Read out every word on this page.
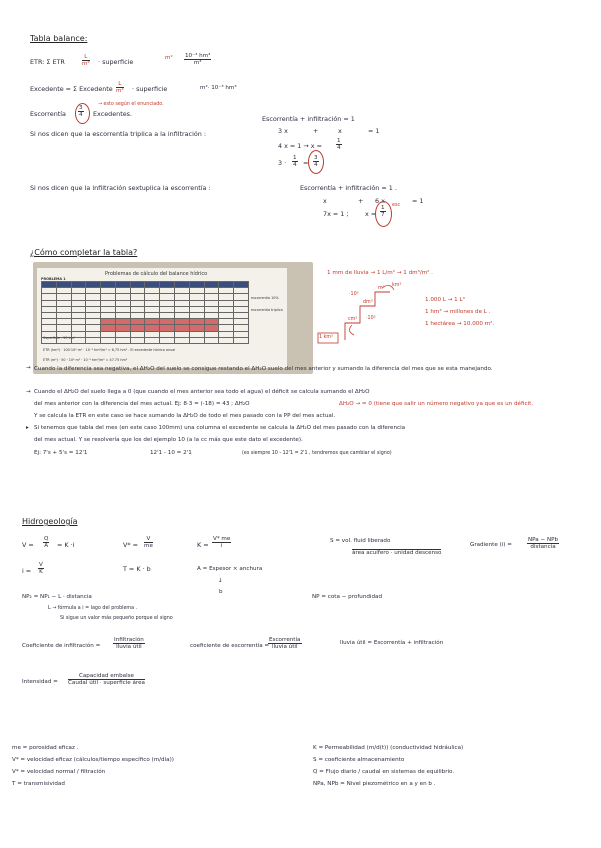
Tabla balance:
ETR: Σ ETR	$\frac{L}{\text{m²}}$ · superficie	$m^2 \frac{\text{10⁻³ hm³}}{\text{m³}}$
Excedente = Σ Excedente $\frac{L}{\text{m²}}$ · superficie	m²· 10⁻³ hm³
Escorrentía $\frac{3}{4}$ Excedentes.
→ esto según el enunciado.
Si nos dicen que la escorrentía triplica a la infiltración :
Escorrentía + infiltración = 1
3 x	+	x	= 1
4 x = 1 → x =	$\frac{1}{4}$
$3 \cdot \frac{1}{4} = \frac{3}{4}$
Si nos dicen que la infiltración sextuplica la escorrentía :	Escorrentía + infiltración = 1 .
x	+ 6 x	= 1
7x = 1 ;	$x = \frac{1}{7}$ esc
¿Cómo completar la tabla?
Problemas de cálculo del balance hídrico
PROBLEMA 1

Superficie : 50 km²
ETR (hm³) · 100·10⁶ m² · 10⁻³ hm³/m³ = 6,75 hm³ . El excedente hídrico anual
ETR (m²) · 50 · 10⁶ m² · 10⁻³ hm³/m³ = 47.75 hm³
escorrentía 10%
escorrentía triplica
1 mm de lluvia → 1 L/m² → 1 dm³/m² .
1.000 L → 1 L³
1 hm³ → millones de L .
1 hectárea → 10.000 m².
·10³
m³
dm³
cm³ ·10³
1 km³
km³
→ Cuando la diferencia sea negativa, el ΔH₂O del suelo se consigue restando el ΔH₂O suelo del mes anterior y sumando la diferencia del mes que se esta manejando.
→ Cuando el ΔH₂O del suelo llega a 0 (que cuando el mes anterior sea todo el agua) el déficit se calcula sumando el ΔH₂O
del mes anterior con la diferencia del mes actual. Ej: 8·3 = (-18) = 43 ; ΔH₂O	ΔH₂O → = 0 (tiene que salir un número negativo ya que es un déficit.
Y se calcula la ETR en este caso se hace sumando la ΔH₂O de todo el mes pasado con la PP del mes actual.
▸ Si tenemos que tabla del mes (en este caso 100mm) una columna el excedente se calcula la ΔH₂O del mes pasado con la diferencia
del mes actual. Y se resolvería que los del ejemplo 10 (a la cc más que este dato el excedente).
Ej: 7's + 5's = 12'1	12'1 - 10 = 2'1	(es siempre 10 - 12'1 = 2'1 , tendremos que cambiar el signo)
Hidrogeología
$V = \frac{Q}{A} = K \cdot i$	$V* = \frac{V}{me}$	$K = \frac{V* me}{i}$	S = vol. fluid liberado
área acuífero · unidad descenso
Gradiente (i) =
NPa − NPb
distancia
$i = \frac{V}{K}$	T = K · b	A = Espesor × anchura
↓
b
NP₂ = NP₁ − L · distancia
L → fórmula a i = lago del problema .
Si sigue un valor más pequeño porque el signo
NP = cota − profundidad
Coeficiente de infiltración =
Infiltración
lluvia útil	coeficiente de escorrentía =
Escorrentía
lluvia útil
lluvia útil = Escorrentía + infiltración
Intensidad =
Capacidad embalse
Caudal útil · superficie área
me = porosidad eficaz .
V* = velocidad eficaz (cálculos/tiempo específico (m/día))
V* = velocidad normal / filtración
T = transmisividad
K = Permeabilidad (m/d(t)) (conductividad hidráulica)
S = coeficiente almacenamiento
Q = Flujo diario / caudal en sistemas de equilibrio.
NPa, NPb = Nivel piezométrico en a y en b .
